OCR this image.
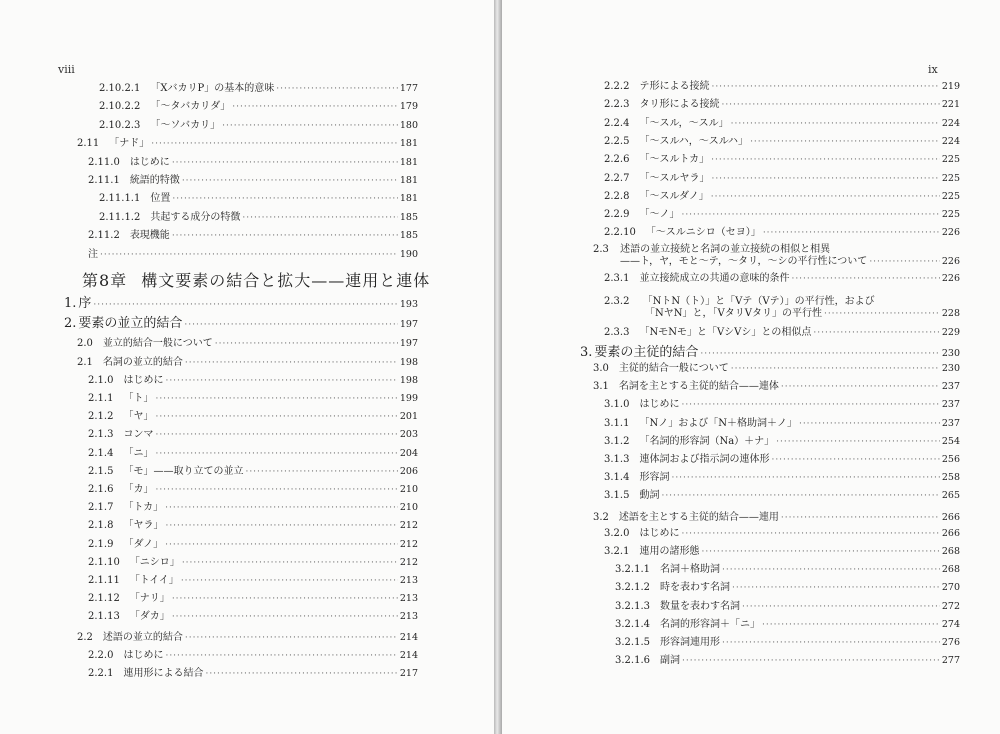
viii
2.10.2.1 「XバカリP」の基本的意味 ·····	177
2.10.2.2 「〜タバカリダ」 ·····	179
2.10.2.3 「〜ソバカリ」 ·····	180
2.11 「ナド」 ·····	181
2.11.0 はじめに ·····	181
2.11.1 統語的特徴 ·····	181
2.11.1.1 位置 ·····	181
2.11.1.2 共起する成分の特徴 ·····	185
2.11.2 表現機能 ·····	185
注 ·····	190
第8章 構文要素の結合と拡大——連用と連体
1. 序 ·····	193
2. 要素の並立的結合 ·····	197
2.0 並立的結合一般について ·····	197
2.1 名詞の並立的結合 ·····	198
2.1.0 はじめに ·····	198
2.1.1 「ト」 ·····	199
2.1.2 「ヤ」 ·····	201
2.1.3 コンマ ·····	203
2.1.4 「ニ」 ·····	204
2.1.5 「モ」——取り立ての並立 ·····	206
2.1.6 「カ」 ·····	210
2.1.7 「トカ」 ·····	210
2.1.8 「ヤラ」 ·····	212
2.1.9 「ダノ」 ·····	212
2.1.10 「ニシロ」 ·····	212
2.1.11 「トイイ」 ·····	213
2.1.12 「ナリ」 ·····	213
2.1.13 「ダカ」 ·····	213
2.2 述語の並立的結合 ·····	214
2.2.0 はじめに ·····	214
2.2.1 連用形による結合 ·····	217
ix
2.2.2 テ形による接続 ·····	219
2.2.3 タリ形による接続 ·····	221
2.2.4 「〜スル，〜スル」 ·····	224
2.2.5 「〜スルハ，〜スルハ」 ·····	224
2.2.6 「〜スルトカ」 ·····	225
2.2.7 「〜スルヤラ」 ·····	225
2.2.8 「〜スルダノ」 ·····	225
2.2.9 「〜ノ」 ·····	225
2.2.10 「〜スルニシロ（セヨ）」 ·····	226
2.3 述語の並立接続と名詞の並立接続の相似と相異
——ト，ヤ，モと〜テ，〜タリ，〜シの平行性について ·····	226
2.3.1 並立接続成立の共通の意味的条件 ·····	226
2.3.2 「NトN（ト）」と「Vテ（Vテ）」の平行性，および
「NヤN」と，「VタリVタリ」の平行性 ·····	228
2.3.3 「NモNモ」と「VシVシ」との相似点 ·····	229
3. 要素の主従的結合 ·····	230
3.0 主従的結合一般について ·····	230
3.1 名詞を主とする主従的結合——連体 ·····	237
3.1.0 はじめに ·····	237
3.1.1 「Nノ」および「N＋格助詞＋ノ」 ·····	237
3.1.2 「名詞的形容詞（Na）＋ナ」 ·····	254
3.1.3 連体詞および指示詞の連体形 ·····	256
3.1.4 形容詞 ·····	258
3.1.5 動詞 ·····	265
3.2 述語を主とする主従的結合——連用 ·····	266
3.2.0 はじめに ·····	266
3.2.1 連用の諸形態 ·····	268
3.2.1.1 名詞＋格助詞 ·····	268
3.2.1.2 時を表わす名詞 ·····	270
3.2.1.3 数量を表わす名詞 ·····	272
3.2.1.4 名詞的形容詞＋「ニ」 ·····	274
3.2.1.5 形容詞連用形 ·····	276
3.2.1.6 副詞 ·····	277
